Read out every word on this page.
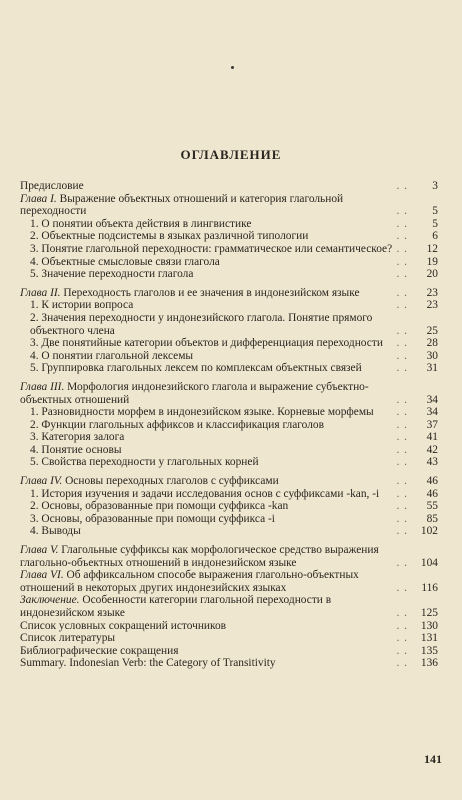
ОГЛАВЛЕНИЕ
Предисловие	. .	3
Глава I. Выражение объектных отношений и категория глагольной переходности	. .	5
1. О понятии объекта действия в лингвистике	. .	5
2. Объектные подсистемы в языках различной типологии	. .	6
3. Понятие глагольной переходности: грамматическое или семантическое? . .	12
4. Объектные смысловые связи глагола	. .	19
5. Значение переходности глагола	. .	20
Глава II. Переходность глаголов и ее значения в индонезийском языке	. .	23
1. К истории вопроса	. .	23
2. Значения переходности у индонезийского глагола. Понятие прямого объектного члена	. .	25
3. Две понятийные категории объектов и дифференциация переходности	. .	28
4. О понятии глагольной лексемы	. .	30
5. Группировка глагольных лексем по комплексам объектных связей	. .	31
Глава III. Морфология индонезийского глагола и выражение субъектно-объектных отношений	. .	34
1. Разновидности морфем в индонезийском языке. Корневые морфемы	. .	34
2. Функции глагольных аффиксов и классификация глаголов	. .	37
3. Категория залога	. .	41
4. Понятие основы	. .	42
5. Свойства переходности у глагольных корней	. .	43
Глава IV. Основы переходных глаголов с суффиксами	. .	46
1. История изучения и задачи исследования основ с суффиксами -kan, -i	. .	46
2. Основы, образованные при помощи суффикса -kan	. .	55
3. Основы, образованные при помощи суффикса -i	. .	85
4. Выводы	. .	102
Глава V. Глагольные суффиксы как морфологическое средство выражения глагольно-объектных отношений в индонезийском языке	. .	104
Глава VI. Об аффиксальном способе выражения глагольно-объектных отношений в некоторых других индонезийских языках	. .	116
Заключение. Особенности категории глагольной переходности в индонезийском языке	. .	125
Список условных сокращений источников	. .	130
Список литературы	. .	131
Библиографические сокращения	. .	135
Summary. Indonesian Verb: the Category of Transitivity	. .	136
141
